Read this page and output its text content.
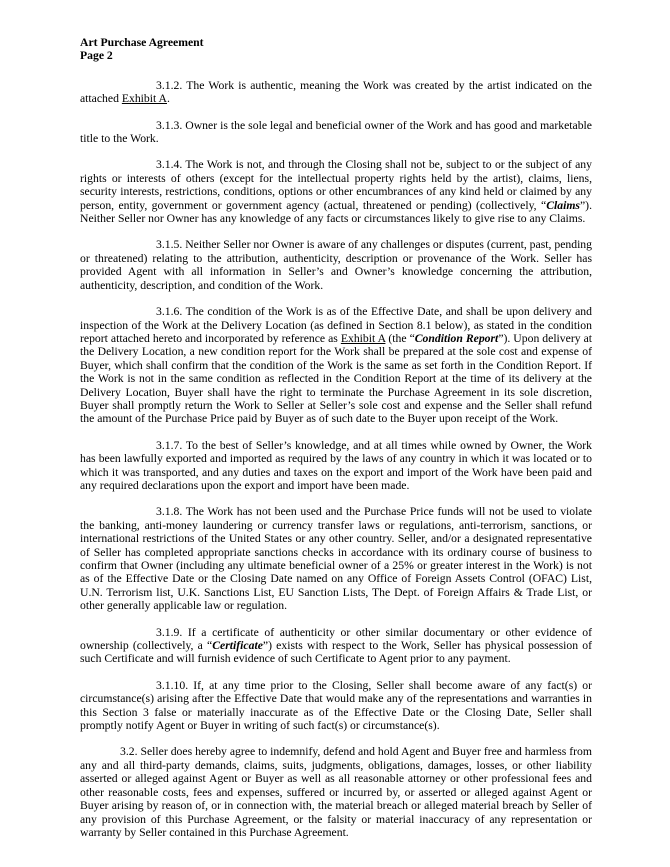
Art Purchase Agreement
Page 2

3.1.2. The Work is authentic, meaning the Work was created by the artist indicated on the attached Exhibit A.

3.1.3. Owner is the sole legal and beneficial owner of the Work and has good and marketable title to the Work.

3.1.4. The Work is not, and through the Closing shall not be, subject to or the subject of any rights or interests of others (except for the intellectual property rights held by the artist), claims, liens, security interests, restrictions, conditions, options or other encumbrances of any kind held or claimed by any person, entity, government or government agency (actual, threatened or pending) (collectively, “Claims”). Neither Seller nor Owner has any knowledge of any facts or circumstances likely to give rise to any Claims.

3.1.5. Neither Seller nor Owner is aware of any challenges or disputes (current, past, pending or threatened) relating to the attribution, authenticity, description or provenance of the Work. Seller has provided Agent with all information in Seller’s and Owner’s knowledge concerning the attribution, authenticity, description, and condition of the Work.

3.1.6. The condition of the Work is as of the Effective Date, and shall be upon delivery and inspection of the Work at the Delivery Location (as defined in Section 8.1 below), as stated in the condition report attached hereto and incorporated by reference as Exhibit A (the “Condition Report”). Upon delivery at the Delivery Location, a new condition report for the Work shall be prepared at the sole cost and expense of Buyer, which shall confirm that the condition of the Work is the same as set forth in the Condition Report. If the Work is not in the same condition as reflected in the Condition Report at the time of its delivery at the Delivery Location, Buyer shall have the right to terminate the Purchase Agreement in its sole discretion, Buyer shall promptly return the Work to Seller at Seller’s sole cost and expense and the Seller shall refund the amount of the Purchase Price paid by Buyer as of such date to the Buyer upon receipt of the Work.

3.1.7. To the best of Seller’s knowledge, and at all times while owned by Owner, the Work has been lawfully exported and imported as required by the laws of any country in which it was located or to which it was transported, and any duties and taxes on the export and import of the Work have been paid and any required declarations upon the export and import have been made.

3.1.8. The Work has not been used and the Purchase Price funds will not be used to violate the banking, anti-money laundering or currency transfer laws or regulations, anti-terrorism, sanctions, or international restrictions of the United States or any other country. Seller, and/or a designated representative of Seller has completed appropriate sanctions checks in accordance with its ordinary course of business to confirm that Owner (including any ultimate beneficial owner of a 25% or greater interest in the Work) is not as of the Effective Date or the Closing Date named on any Office of Foreign Assets Control (OFAC) List, U.N. Terrorism list, U.K. Sanctions List, EU Sanction Lists, The Dept. of Foreign Affairs & Trade List, or other generally applicable law or regulation.

3.1.9. If a certificate of authenticity or other similar documentary or other evidence of ownership (collectively, a “Certificate”) exists with respect to the Work, Seller has physical possession of such Certificate and will furnish evidence of such Certificate to Agent prior to any payment.

3.1.10. If, at any time prior to the Closing, Seller shall become aware of any fact(s) or circumstance(s) arising after the Effective Date that would make any of the representations and warranties in this Section 3 false or materially inaccurate as of the Effective Date or the Closing Date, Seller shall promptly notify Agent or Buyer in writing of such fact(s) or circumstance(s).

3.2. Seller does hereby agree to indemnify, defend and hold Agent and Buyer free and harmless from any and all third-party demands, claims, suits, judgments, obligations, damages, losses, or other liability asserted or alleged against Agent or Buyer as well as all reasonable attorney or other professional fees and other reasonable costs, fees and expenses, suffered or incurred by, or asserted or alleged against Agent or Buyer arising by reason of, or in connection with, the material breach or alleged material breach by Seller of any provision of this Purchase Agreement, or the falsity or material inaccuracy of any representation or warranty by Seller contained in this Purchase Agreement.
